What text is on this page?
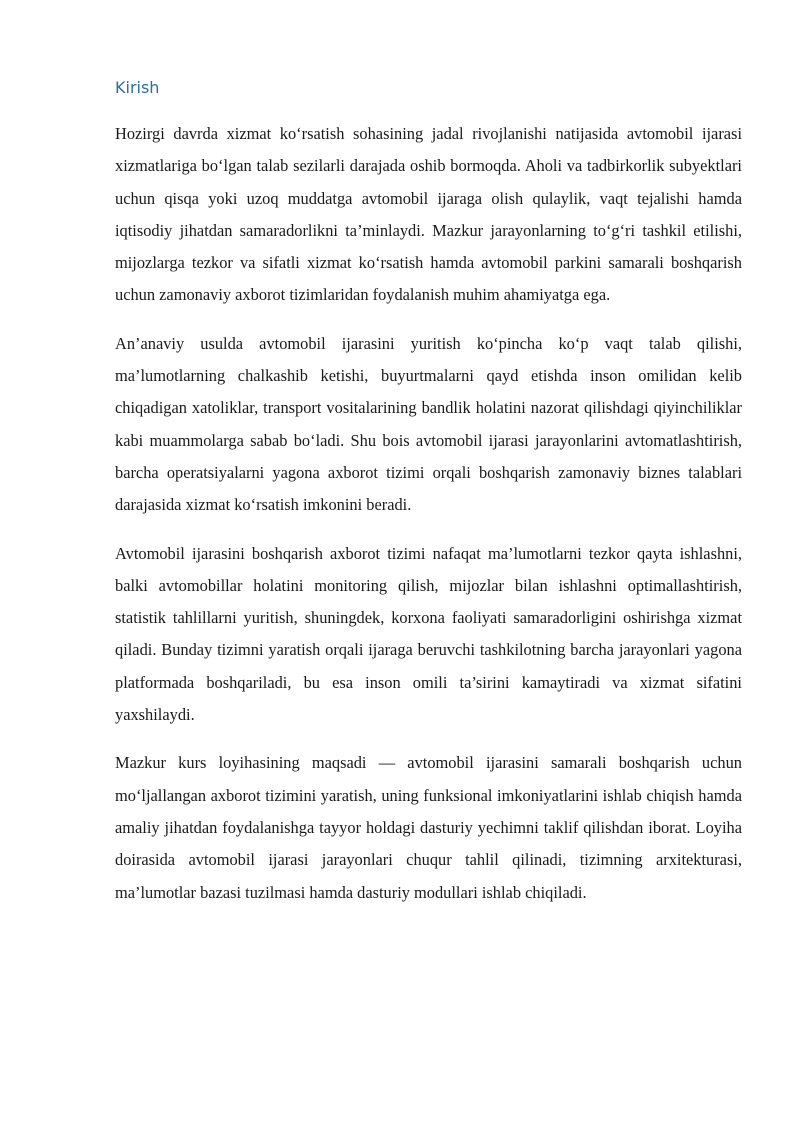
Kirish

Hozirgi davrda xizmat ko‘rsatish sohasining jadal rivojlanishi natijasida avtomobil ijarasi xizmatlariga bo‘lgan talab sezilarli darajada oshib bormoqda. Aholi va tadbirkorlik subyektlari uchun qisqa yoki uzoq muddatga avtomobil ijaraga olish qulaylik, vaqt tejalishi hamda iqtisodiy jihatdan samaradorlikni ta’minlaydi. Mazkur jarayonlarning to‘g‘ri tashkil etilishi, mijozlarga tezkor va sifatli xizmat ko‘rsatish hamda avtomobil parkini samarali boshqarish uchun zamonaviy axborot tizimlaridan foydalanish muhim ahamiyatga ega.

An’anaviy usulda avtomobil ijarasini yuritish ko‘pincha ko‘p vaqt talab qilishi, ma’lumotlarning chalkashib ketishi, buyurtmalarni qayd etishda inson omilidan kelib chiqadigan xatoliklar, transport vositalarining bandlik holatini nazorat qilishdagi qiyinchiliklar kabi muammolarga sabab bo‘ladi. Shu bois avtomobil ijarasi jarayonlarini avtomatlashtirish, barcha operatsiyalarni yagona axborot tizimi orqali boshqarish zamonaviy biznes talablari darajasida xizmat ko‘rsatish imkonini beradi.

Avtomobil ijarasini boshqarish axborot tizimi nafaqat ma’lumotlarni tezkor qayta ishlashni, balki avtomobillar holatini monitoring qilish, mijozlar bilan ishlashni optimallashtirish, statistik tahlillarni yuritish, shuningdek, korxona faoliyati samaradorligini oshirishga xizmat qiladi. Bunday tizimni yaratish orqali ijaraga beruvchi tashkilotning barcha jarayonlari yagona platformada boshqariladi, bu esa inson omili ta’sirini kamaytiradi va xizmat sifatini yaxshilaydi.

Mazkur kurs loyihasining maqsadi — avtomobil ijarasini samarali boshqarish uchun mo‘ljallangan axborot tizimini yaratish, uning funksional imkoniyatlarini ishlab chiqish hamda amaliy jihatdan foydalanishga tayyor holdagi dasturiy yechimni taklif qilishdan iborat. Loyiha doirasida avtomobil ijarasi jarayonlari chuqur tahlil qilinadi, tizimning arxitekturasi, ma’lumotlar bazasi tuzilmasi hamda dasturiy modullari ishlab chiqiladi.
